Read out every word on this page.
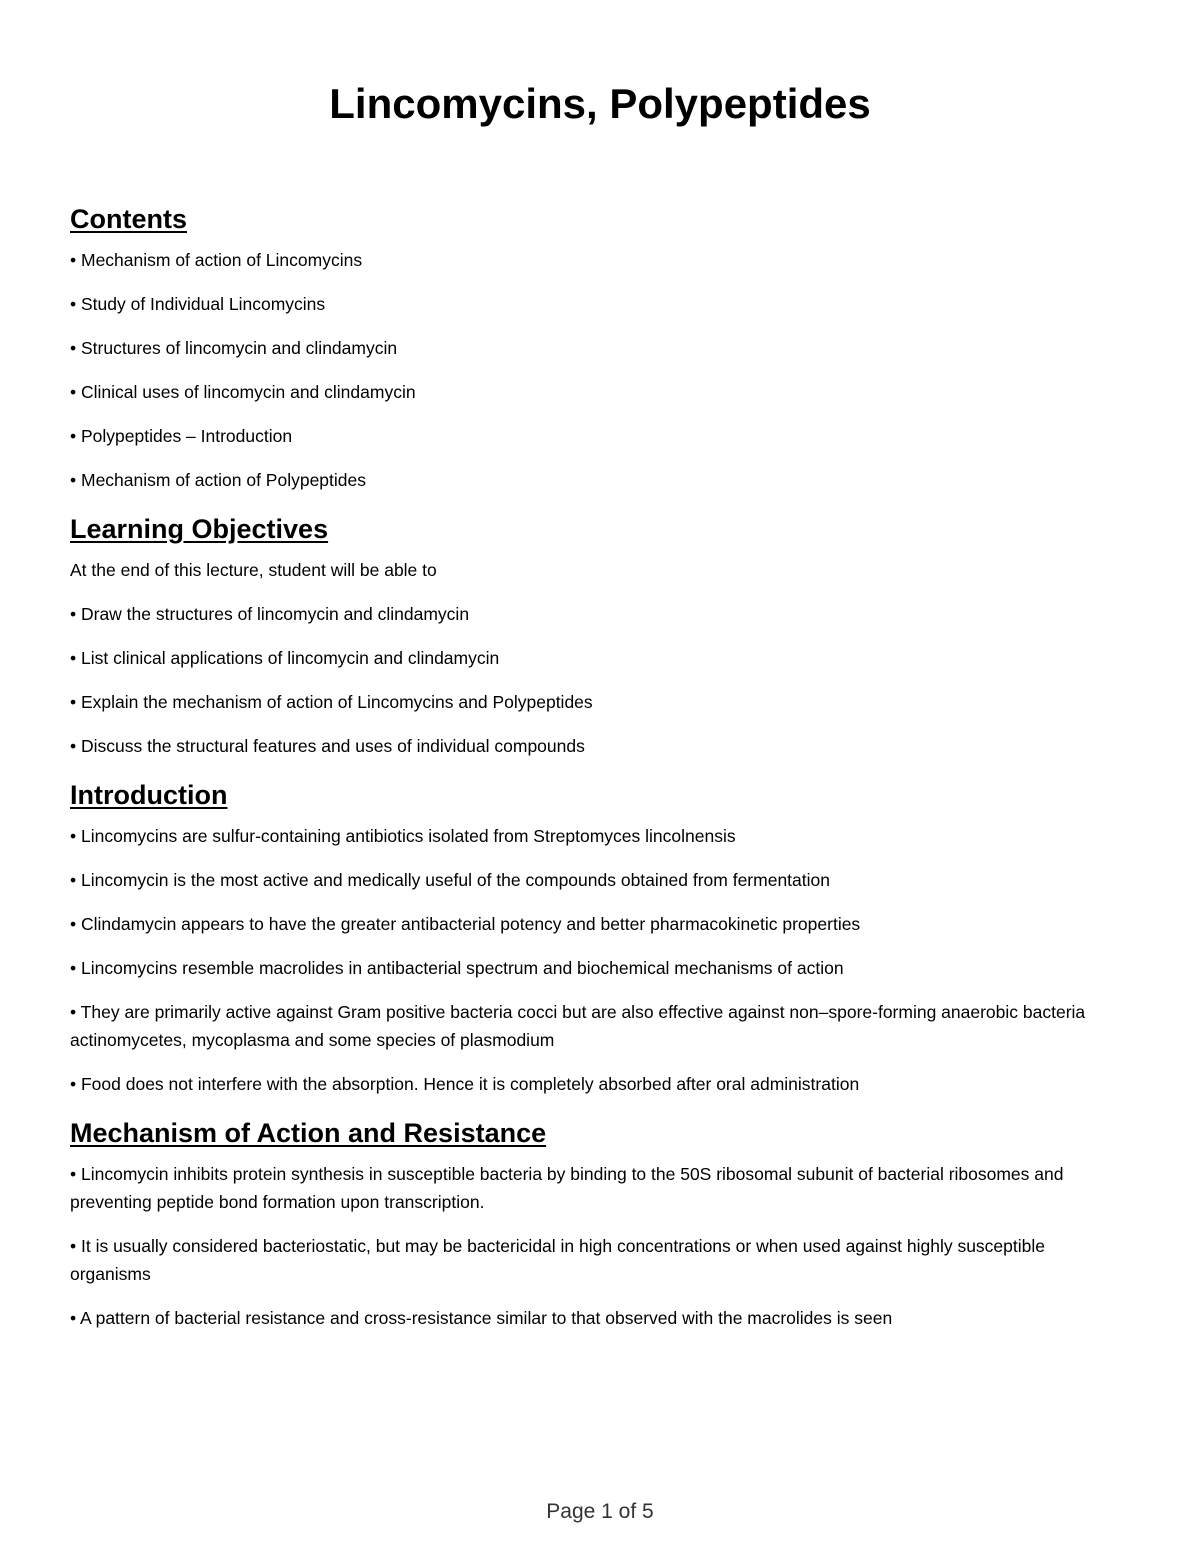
Lincomycins, Polypeptides
Contents

• Mechanism of action of Lincomycins

• Study of Individual Lincomycins

• Structures of lincomycin and clindamycin

• Clinical uses of lincomycin and clindamycin

• Polypeptides – Introduction

• Mechanism of action of Polypeptides

Learning Objectives

At the end of this lecture, student will be able to

• Draw the structures of lincomycin and clindamycin

• List clinical applications of lincomycin and clindamycin

• Explain the mechanism of action of Lincomycins and Polypeptides

• Discuss the structural features and uses of individual compounds

Introduction

• Lincomycins are sulfur-containing antibiotics isolated from Streptomyces lincolnensis

• Lincomycin is the most active and medically useful of the compounds obtained from fermentation

• Clindamycin appears to have the greater antibacterial potency and better pharmacokinetic properties

• Lincomycins resemble macrolides in antibacterial spectrum and biochemical mechanisms of action

• They are primarily active against Gram positive bacteria cocci but are also effective against non–spore-forming anaerobic bacteria actinomycetes, mycoplasma and some species of plasmodium

• Food does not interfere with the absorption. Hence it is completely absorbed after oral administration

Mechanism of Action and Resistance

• Lincomycin inhibits protein synthesis in susceptible bacteria by binding to the 50S ribosomal subunit of bacterial ribosomes and preventing peptide bond formation upon transcription.

• It is usually considered bacteriostatic, but may be bactericidal in high concentrations or when used against highly susceptible organisms

• A pattern of bacterial resistance and cross-resistance similar to that observed with the macrolides is seen

Page 1 of 5
